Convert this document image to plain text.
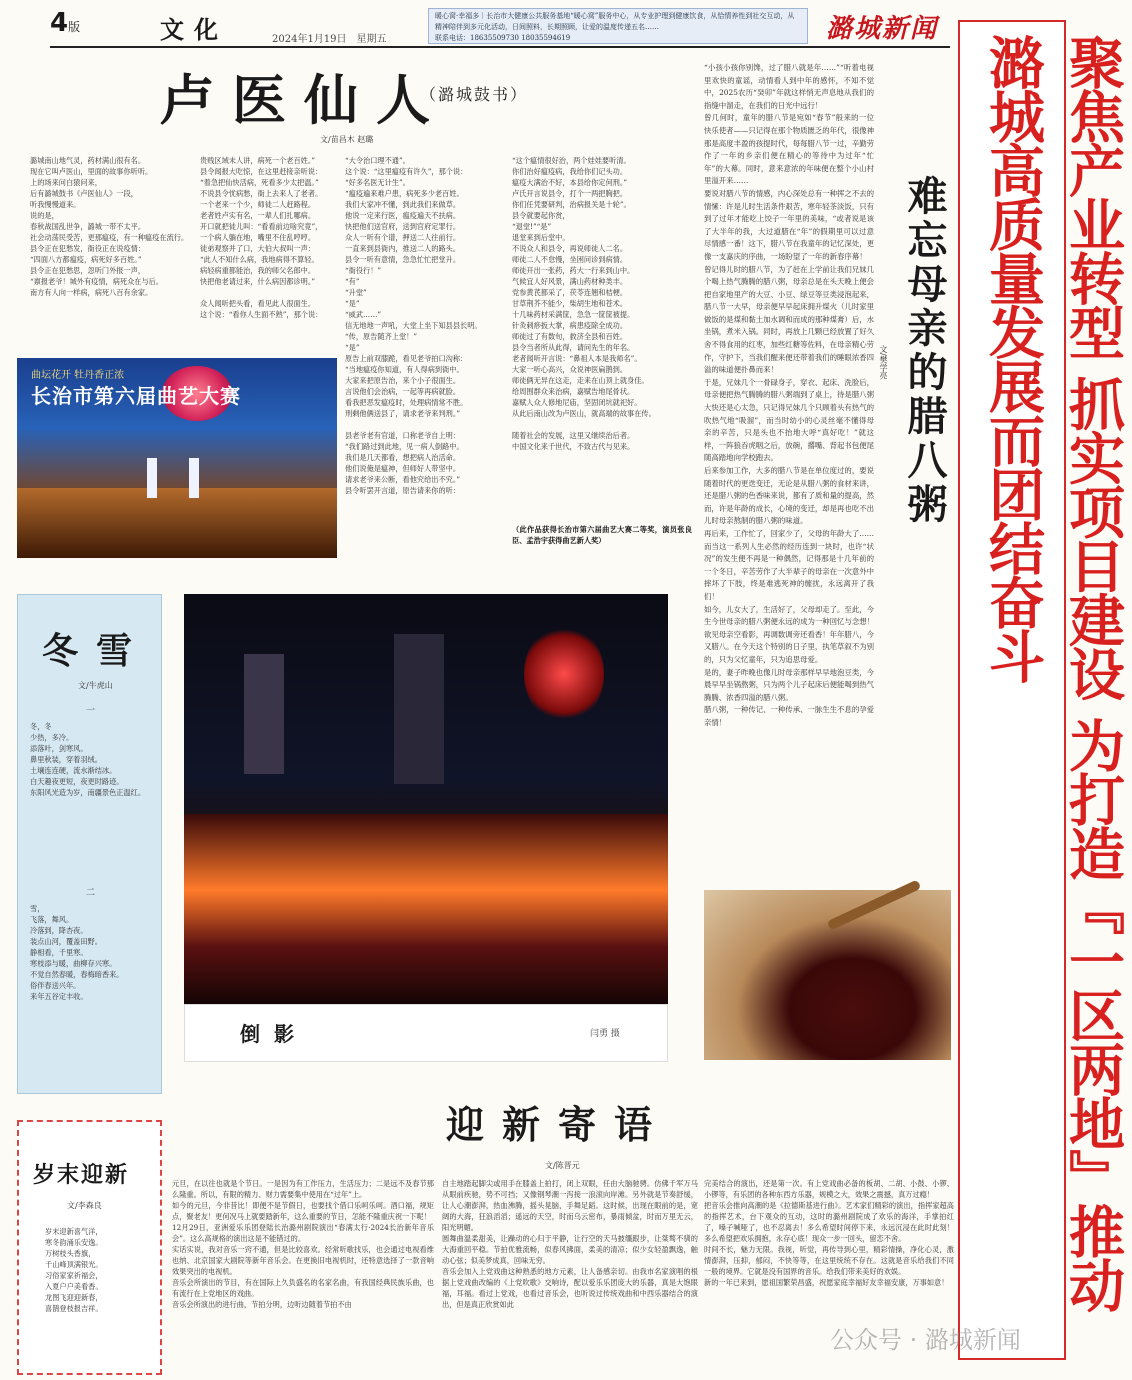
4版	文化	2024年1月19日　星期五
暖心窝·幸福多｜长治市大健康公共服务基地“暖心窝”服务中心，从专业护理到健康饮食，从恰情养性到社交互动，从精神陪伴到多元化活动，日间照料，长期照顾，让爱的温度传递五名……
联系电话：18635509730 18035594619	潞城新闻
聚焦产业转型 抓实项目建设 为打造『一区两地』推动潞城高质量发展而团结奋斗
卢医仙人
（潞城鼓书）
文/苗昌木 赵璐
潞城南山地气灵，药材满山很有名。
现在它叫卢医山，里面的故事你听听。
上的场来问白猿问来，
后有潞城鼓书《卢医仙人》一段，
听我慢慢道来。
说的是，
春秋战国乱世争，潞城一带不太平。
社会动荡民受苦，更那瘟疫，有一种瘟疫在流行。
县令正在犯愁发，衙役正在说疫情：
“四面八方都瘟疫，病死好多百姓。”
县令正在犯愁思，忽听门外报一声，
“禀报老爷！城外有疫情，病死众在与后。
南方有人向一样病，病死八百有余家。
贵贱区域未人讲，病死一个老百姓。”
县令闻报大吃惊，在这里赶接亲听说：
“着急把仙快活病，死看多少太把温。”
不说县令忧病愁，衙上去来人了老者。
一个老来一个少，师徒二人赶路程。
老者姓卢实有名，一辈人们扎哪病。
开口就把徒儿叫：“看看前边啥究竟”，
一个病人躺在地，嘴里不住乱哼哼。
徒弟观察并了口，大伯大叔叫一声：
“此人不知什么病，我地病得不算轻。
病轻病重都能治，我的师父名郎中。
快把他老请过来，什么病因都诊明。”

众人闻听把头看，看见此人很面生。
这个说：“看你人生面不熟”，那个说：
“大令治口理不通”。
这个说：“这里瘟疫有许久”，那个说：
“好多名医无计生”。
“瘟疫遍来难户患，病死多少老百姓。
我们大家冲不懂，到此我们来做草。
他说一定来行医，瘟疫遍天不扶病。
快把他们送官府，送到官府定罪行。
众人一听有个谱，押送二人往前行。
一直来到县衙内，推送二人的路头。
县令一听有意情，急急忙忙把堂升。
“衙役行！”
“有”
“升堂”
“是”
“威武……”
信无地地一声吼，大堂上坐下知县县长明。
“传，原告随齐上堂！”
“是”
原告上前双膝跪，看见老爷拍口沟称：
“当地瘟疫你知道，有人得病到衙中。
大家来把原告治，来个小子很面生。
言说他们会治病，一起等再病就脸。
看我把恶发瘟疫时，处理病情常不胜。
刑剩他俩送县了，请求老爷来判刑。”

县老爷老有官道，口称老爷自上明：
“我们路过到此地，见一病人倒路中。
我们是几天都看，想把病人治活命。
他们说俺是瘟神，但师好人带坚中。
请求老爷来公断，看他究给出不究。”
县令听罢开言道，原告请来你的听：
“这个瘟情很好治，两个娃娃要听清。
你们治好瘟疫病，我给你们记头功。
瘟疫大满治不好，本县给你定何刑。”
卢氏开言说县令，打个一两把胸把。
你们任凭要研判，治病报关是十轮”。
县令就要起你赏，
“退堂!”“是”
退堂来到后堂中。
不说众人和县令，再说师徒人二名。
师徒二人不怠慢，坐困问诊到病情。
师徒开出一张药，药大一行来到山中。
气候宜人好风景，满山药材种类丰。
党参黄芪都采了，茯苓连翘和桔梗。
甘草荆芥不能少，柴胡生地和苍术。
十几味药材采满筐，急急一筐筐被提。
针灸刺痧扳大掌，病患疫除全成功。
师徒过了有数旬，救济全县和百姓。
县令当者所从此得，请问先生的年名。
老者闻听开言说：“鼻祖人本是我师名”。
大家一听心高兴，众说神医扁鹊到。
师徒俩无异在这走，走来在山顶上就身佳。
给周围群众来治病，嘉赋告地尾骨状。
嘉赋人众人修地尼庙，坚固闭坑就祀好。
从此后南山改为卢医山，就高端的故事在传。

随着社会的发展，这里又继续治后者。
中国文化来千世代，不致古代与见来。
（此作品获得长治市第六届曲艺大赛二等奖，演员张良臣、孟浩宇获得曲艺新人奖）
曲坛花开 牡丹香正浓
长治市第六届曲艺大赛
倒影	闫勇 摄
冬雪
文/牛虎山
一
冬，冬
少热，多冷。
添落叶，剑寒风。
鼻里秋装，穿着羽绒。
土壤连连硬，流水渐结冰。
白天趣夜更短，夜更时路迹。
东阳风光造为岁，南疆景色正温红。
二
雪，
飞落，舞风。
冷落到，降杏夜。
装点山河，覆盖田野。
静相看，千里寒。
寒枝添与暖，曲柳存兴寒。
不觉自然春暖，春梅暗香来。
俗伴春送兴年。
来年五谷定丰收。
岁末迎新
文/李森良
岁末迎新喜气洋，
寒冬韵涌乐安逸。
万树枝头香旗，
千山峰顶满银光。
习俗家家祈福会，
入夏户户美看香。
龙图飞迎迎新春，
喜鹊登枝报吉祥。
难忘母亲的腊八粥
文/樊学亮
“小孩小孩你别馋，过了腊八就是年……”“听着电视里欢快的童谣，动情看人到中年的感怀，不知不觉中，2025农历“癸卯”年就这样悄无声息地从我们的指缝中溜走，在我们的日光中远行！
曾几何时，童年的腊八节是宛如“春节”般来的一位快乐使者——只记得在那个物质匮乏的年代，很像神那是高度丰盈的孩提时代，每每腊八节一过，辛勤劳作了一年的乡亲们便在精心的等待中为过年“忙年”的大幕。同时，意来意浓的年味便在整个小山村里溢开来……
要说对腊八节的情感，内心深处总有一种挥之不去的情愫：许是儿时生活条件艰苦，寒年轻茶淡饭，只有到了过年才能吃上饺子一年里的美味，“或者说是该了大半年的我，大过道腊在“年”的假期里可以过意尽情感一番！这下，腊八节在我童年的记忆深处，更像一支嘉庆的序曲，一场盼望了一年的新春序幕！
曾记得儿时的腊八节，为了赶在上学前让我们兄妹几个喝上热气腾腾的腊八粥，母亲总是在头天晚上便会把自家地里产的大豆、小豆、绿豆等豆类浸泡起来，腊八节一大早，母亲便早早起床拥升煤火（儿时家里做饭的是煤和黏土加水调和而成的那种煤膏）后，水坐锅，煮米入锅。同时，再放上几颗已经放置了好久舍不得食用的红枣，加些红糖等佐料，在母亲精心劳作，守护下，当我们醒来便还带着我们的睡眼浓香四溢的味道便扑鼻而来！
于是，兄妹几个一骨碌身子，穿衣、起床、洗脸后，母亲便把热气腾腾的腊八粥端到了桌上，待是腊八粥大快还是心太急，只记得兄妹几个只顾着头有热气的吹热气地“吸溜”，而当时幼小的心灵丝毫不懂得母亲的辛苦，只是头也不抬地大呼“真好吃！”就这样，一阵狼吞虎咽之后，放碗，撂嘴、背起书包便尾随高踏地向学校跑去。
后来参加工作，大多的腊八节是在单位度过的，要说随着时代的更迭变迁，无论是从腊八粥的食材来讲，还是腊八粥的色香味来说，都有了质和量的提高，然而，许是年龄的成长，心境的变迁，却是再也吃不出儿时母亲熬制的腊八粥的味道。
再后来，工作忙了，回家少了，父母的年龄大了……而当这一系列人生必然的经历连到一块时，也许“状况”的发生便不再是一种偶然，记得那是十几年前的一个冬日，辛苦劳作了大半辈子的母亲在一次意外中摔坏了下肢，终是难逃死神的缠扰，永远离开了我们！
如今，儿女大了，生活好了，父母却走了。至此，今生今世母亲的腊八粥便永远的成为一种回忆与念想！
欲见母亲空看影，再调数调旁还看香！年年腊八，今又腊八。在今天这个特别的日子里，执笔草叙不为别的，只为父忆童年，只为追思母爱。
是的，妻子昨晚也像儿时母亲那样早早地泡豆类，今晨早早坐锅熬粥，只为两个儿子起床后便能喝到热气腾腾、浓香四溢的腊八粥。
腊八粥，一种传记、一种传承、一脉生生不息的孕爱亲情！
迎新寄语
文/陈晋元
元旦，在以往也就是个节日。一是因为有工作压力，生活压力；二是远不及春节那么隆重。所以，有限的精力、财力需要集中使用在“过年”上。
如今的元旦，今非昔比！即便不是节假日，也要找个借口乐呵乐呵。酒口福，规矩点，聚老友！更何况马上就要踏新年，这么重要的节日，怎能不隆重庆祝一下呢！
12月29日，亚洲爱乐乐团登陆长治潞州剧院演出“春满太行·2024长治新年音乐会”。这么高规格的演出这是不能错过的。
实话实说，我对音乐一窍不通，但是比较喜欢。经常听歌找乐，也会通过电视看维也纳、北京国家大剧院等新年音乐会。在更换旧电视机时，还特意选择了一款音响效果突出的电视机。
音乐会所演出的节目，有在国际上久负盛名的名家名曲，有我国经典民族乐曲，也有流行在上党地区的戏曲。
音乐会所演出的进行曲，节拍分明，边听边随着节拍不由
自主地踏起脚尖或用手在膝盖上拍打，闭上双眼，任由大脑驰骋。仿佛千军万马从眼前疾驰，势不可挡；又像钢琴潮一泻接一浪滚向岸滩。另外就是节奏舒缓，让人心潮澎湃，热血沸腾，摇头晃脑，手舞足蹈。这时候，出现在眼前的是，宽阔的大海，狂浪滔滔；遥远的天空，时而乌云密布，暴雨倾盆，时而万里无云，阳光明媚。
圆舞曲温柔甜美，让躁动的心归于平静，让行空的天马披缰跟步，让桀骜不驯的大海重回平稳。节拍优雅流畅，似春风拂面，柔美的清凉；似少女轻盈飘逸，触动心弦；似美梦成真，回味无穷。
音乐会加入上党戏曲这种熟悉的地方元素，让人备感亲切。由我市名家演唱的根据上党戏曲改编的《上党吹歌》交响诗，配以爱乐乐团庞大的乐器，真是大饱眼福，耳福。看过上党戏，也看过音乐会，也听说过传统戏曲和中西乐器结合的演出，但是真正欣赏如此
完美结合的演出，还是第一次。有上党戏曲必备的板胡、二胡、小鼓、小锣、小锣等，有乐团的各种东西方乐器，规模之大，效果之震撼，真万过瘾！
把音乐会推向高潮的是《拉德斯基进行曲》。艺术家们精彩的演出，指挥家超高的指挥艺术，台下观众的互动，这时的潞州剧院成了欢乐的海洋，手掌拍红了，嗓子喊哑了，也不忍离去！多么希望时间停下来，永远沉浸在此时此刻！多么希望把欢乐拥抱，永存心底！现众一步一回头，留恋不舍。
时间不长，魅力无限。我视，听觉，再传导到心里，精彩情操，净化心灵，激情澎湃，压抑，郁闷，不快等等，在这里统统不存在。这就是音乐给我们不同一般的境界。它就是没有国界的音乐。给我们带来美好的欢娱。
新的一年已来到，愿祖国繁荣昌盛，祝愿家庭幸福好友幸福安康，万事如意！
公众号 · 潞城新闻
